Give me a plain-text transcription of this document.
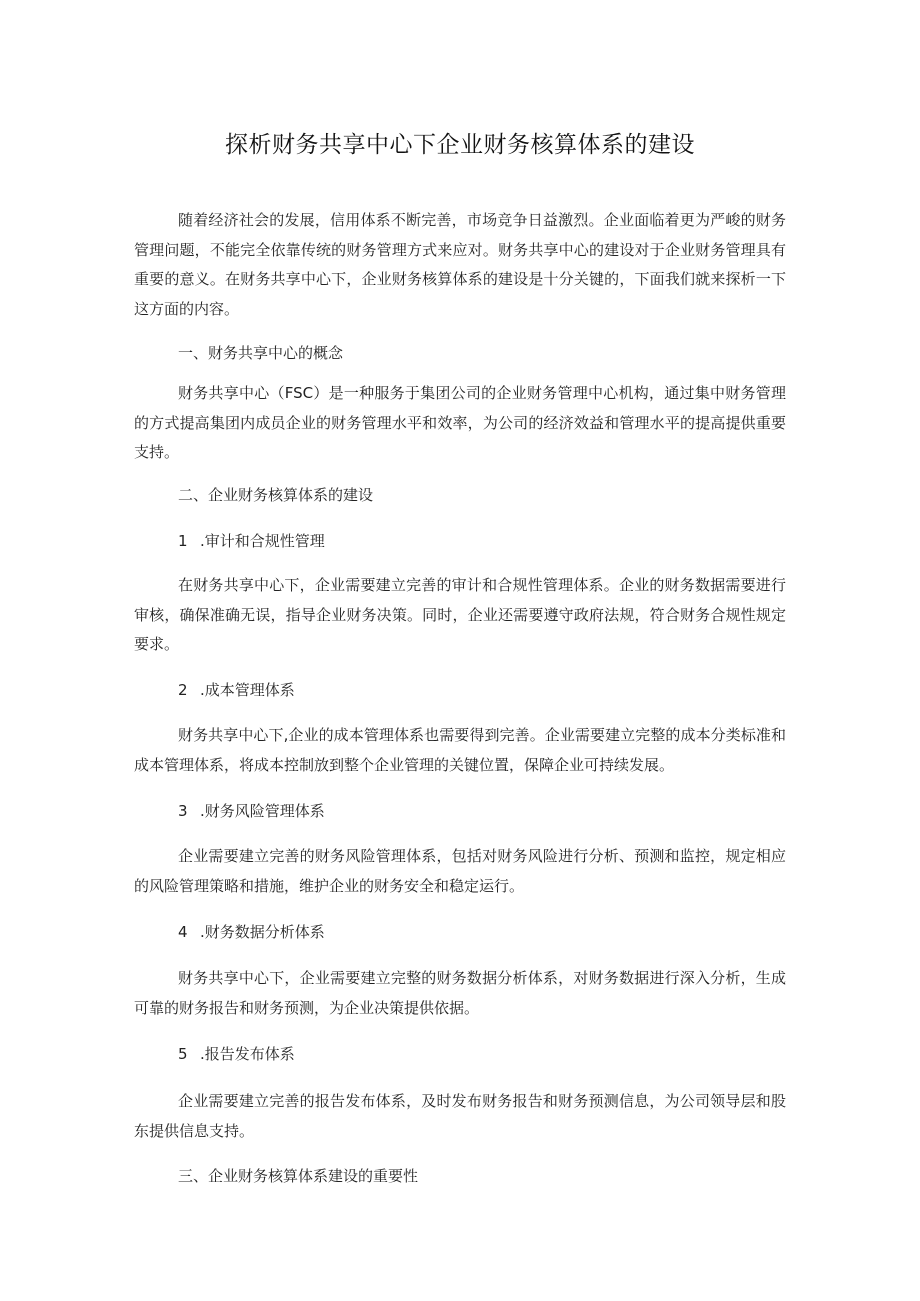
探析财务共享中心下企业财务核算体系的建设

随着经济社会的发展，信用体系不断完善，市场竞争日益激烈。企业面临着更为严峻的财务管理问题，不能完全依靠传统的财务管理方式来应对。财务共享中心的建设对于企业财务管理具有重要的意义。在财务共享中心下，企业财务核算体系的建设是十分关键的，下面我们就来探析一下这方面的内容。

一、财务共享中心的概念

财务共享中心（FSC）是一种服务于集团公司的企业财务管理中心机构，通过集中财务管理的方式提高集团内成员企业的财务管理水平和效率，为公司的经济效益和管理水平的提高提供重要支持。

二、企业财务核算体系的建设

1 .审计和合规性管理

在财务共享中心下，企业需要建立完善的审计和合规性管理体系。企业的财务数据需要进行审核，确保准确无误，指导企业财务决策。同时，企业还需要遵守政府法规，符合财务合规性规定要求。

2 .成本管理体系

财务共享中心下,企业的成本管理体系也需要得到完善。企业需要建立完整的成本分类标准和成本管理体系，将成本控制放到整个企业管理的关键位置，保障企业可持续发展。

3 .财务风险管理体系

企业需要建立完善的财务风险管理体系，包括对财务风险进行分析、预测和监控，规定相应的风险管理策略和措施，维护企业的财务安全和稳定运行。

4 .财务数据分析体系

财务共享中心下，企业需要建立完整的财务数据分析体系，对财务数据进行深入分析，生成可靠的财务报告和财务预测，为企业决策提供依据。

5 .报告发布体系

企业需要建立完善的报告发布体系，及时发布财务报告和财务预测信息，为公司领导层和股东提供信息支持。

三、企业财务核算体系建设的重要性
